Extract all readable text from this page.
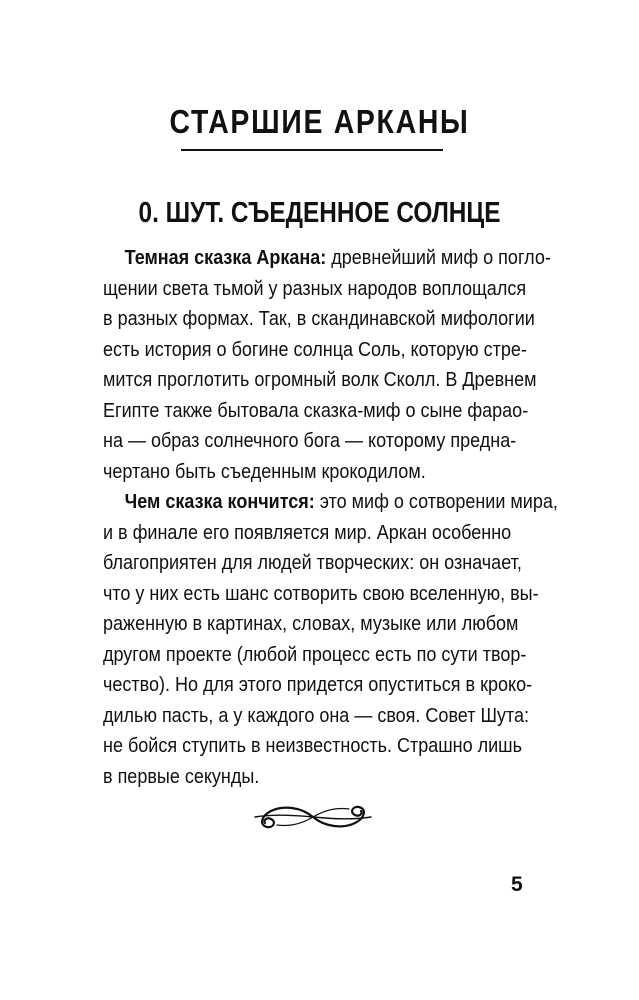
СТАРШИЕ АРКАНЫ
0. ШУТ. СЪЕДЕННОЕ СОЛНЦЕ

Темная сказка Аркана: древнейший миф о погло-
щении света тьмой у разных народов воплощался
в разных формах. Так, в скандинавской мифологии
есть история о богине солнца Соль, которую стре-
мится проглотить огромный волк Сколл. В Древнем
Египте также бытовала сказка-миф о сыне фараo-
на — образ солнечного бога — которому предна-
чертано быть съеденным крокодилом.

Чем сказка кончится: это миф о сотворении мира,
и в финале его появляется мир. Аркан особенно
благоприятен для людей творческих: он означает,
что у них есть шанс сотворить свою вселенную, вы-
раженную в картинах, словах, музыке или любом
другом проекте (любой процесс есть по сути твор-
чество). Но для этого придется опуститься в кроко-
дилью пасть, а у каждого она — своя. Совет Шута:
не бойся ступить в неизвестность. Страшно лишь
в первые секунды.

5
